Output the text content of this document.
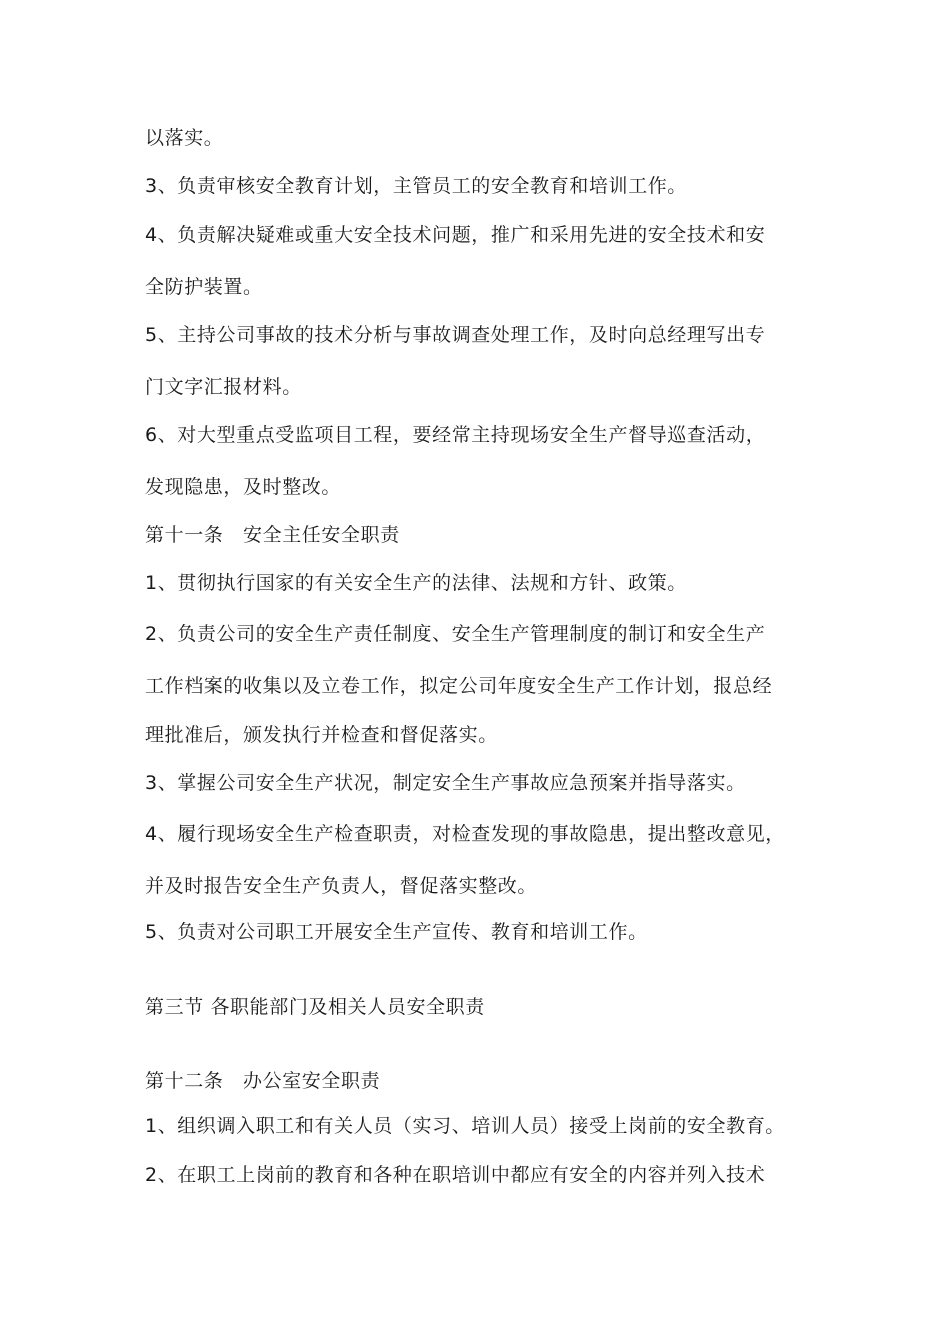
以落实。
3、负责审核安全教育计划，主管员工的安全教育和培训工作。
4、负责解决疑难或重大安全技术问题，推广和采用先进的安全技术和安
全防护装置。
5、主持公司事故的技术分析与事故调查处理工作，及时向总经理写出专
门文字汇报材料。
6、对大型重点受监项目工程，要经常主持现场安全生产督导巡查活动，
发现隐患，及时整改。
第十一条　安全主任安全职责
1、贯彻执行国家的有关安全生产的法律、法规和方针、政策。
2、负责公司的安全生产责任制度、安全生产管理制度的制订和安全生产
工作档案的收集以及立卷工作，拟定公司年度安全生产工作计划，报总经
理批准后，颁发执行并检查和督促落实。
3、掌握公司安全生产状况，制定安全生产事故应急预案并指导落实。
4、履行现场安全生产检查职责，对检查发现的事故隐患，提出整改意见，
并及时报告安全生产负责人，督促落实整改。
5、负责对公司职工开展安全生产宣传、教育和培训工作。
第三节 各职能部门及相关人员安全职责
第十二条　办公室安全职责
1、组织调入职工和有关人员（实习、培训人员）接受上岗前的安全教育。
2、在职工上岗前的教育和各种在职培训中都应有安全的内容并列入技术
